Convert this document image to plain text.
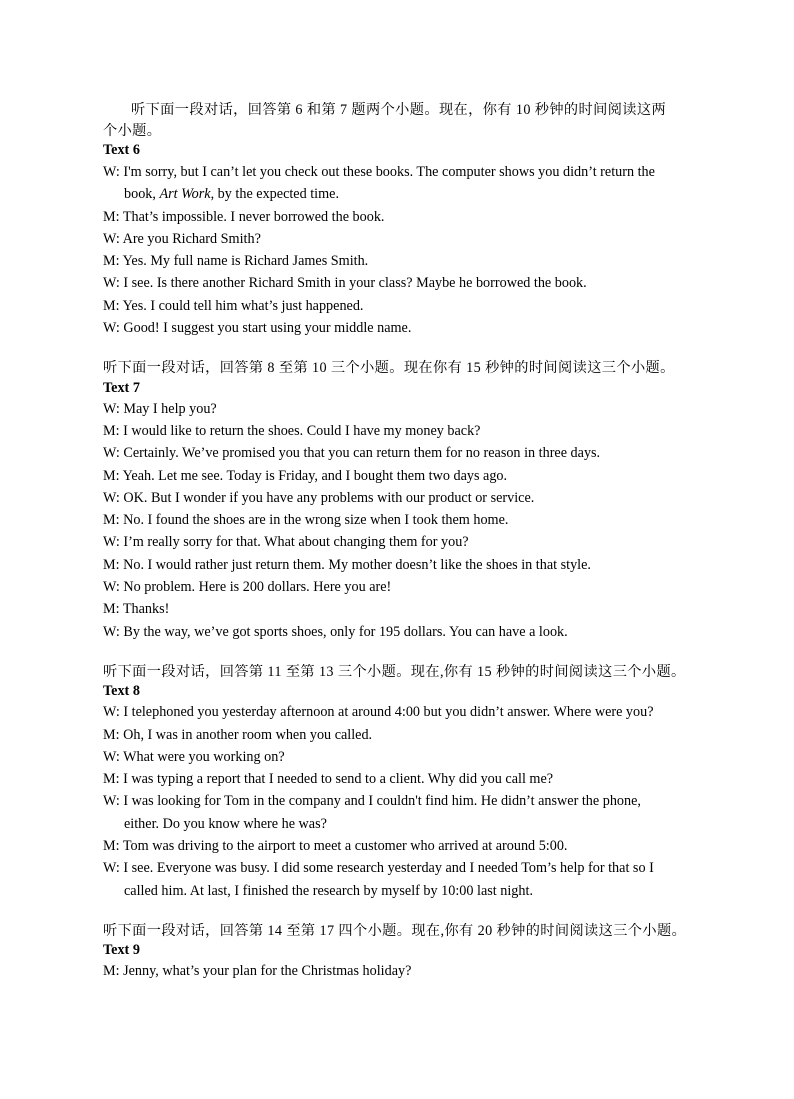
听下面一段对话，回答第 6 和第 7 题两个小题。现在，你有 10 秒钟的时间阅读这两
个小题。
Text 6
W: I'm sorry, but I can’t let you check out these books. The computer shows you didn’t return the
book, Art Work, by the expected time.
M: That’s impossible. I never borrowed the book.
W: Are you Richard Smith?
M: Yes. My full name is Richard James Smith.
W: I see. Is there another Richard Smith in your class? Maybe he borrowed the book.
M: Yes. I could tell him what’s just happened.
W: Good! I suggest you start using your middle name.
听下面一段对话，回答第 8 至第 10 三个小题。现在你有 15 秒钟的时间阅读这三个小题。
Text 7
W: May I help you?
M: I would like to return the shoes. Could I have my money back?
W: Certainly. We’ve promised you that you can return them for no reason in three days.
M: Yeah. Let me see. Today is Friday, and I bought them two days ago.
W: OK. But I wonder if you have any problems with our product or service.
M: No. I found the shoes are in the wrong size when I took them home.
W: I’m really sorry for that. What about changing them for you?
M: No. I would rather just return them. My mother doesn’t like the shoes in that style.
W: No problem. Here is 200 dollars. Here you are!
M: Thanks!
W: By the way, we’ve got sports shoes, only for 195 dollars. You can have a look.
听下面一段对话，回答第 11 至第 13 三个小题。现在,你有 15 秒钟的时间阅读这三个小题。
Text 8
W: I telephoned you yesterday afternoon at around 4:00 but you didn’t answer. Where were you?
M: Oh, I was in another room when you called.
W: What were you working on?
M: I was typing a report that I needed to send to a client. Why did you call me?
W: I was looking for Tom in the company and I couldn't find him. He didn’t answer the phone,
either. Do you know where he was?
M: Tom was driving to the airport to meet a customer who arrived at around 5:00.
W: I see. Everyone was busy. I did some research yesterday and I needed Tom’s help for that so I
called him. At last, I finished the research by myself by 10:00 last night.
听下面一段对话，回答第 14 至第 17 四个小题。现在,你有 20 秒钟的时间阅读这三个小题。
Text 9
M: Jenny, what’s your plan for the Christmas holiday?
